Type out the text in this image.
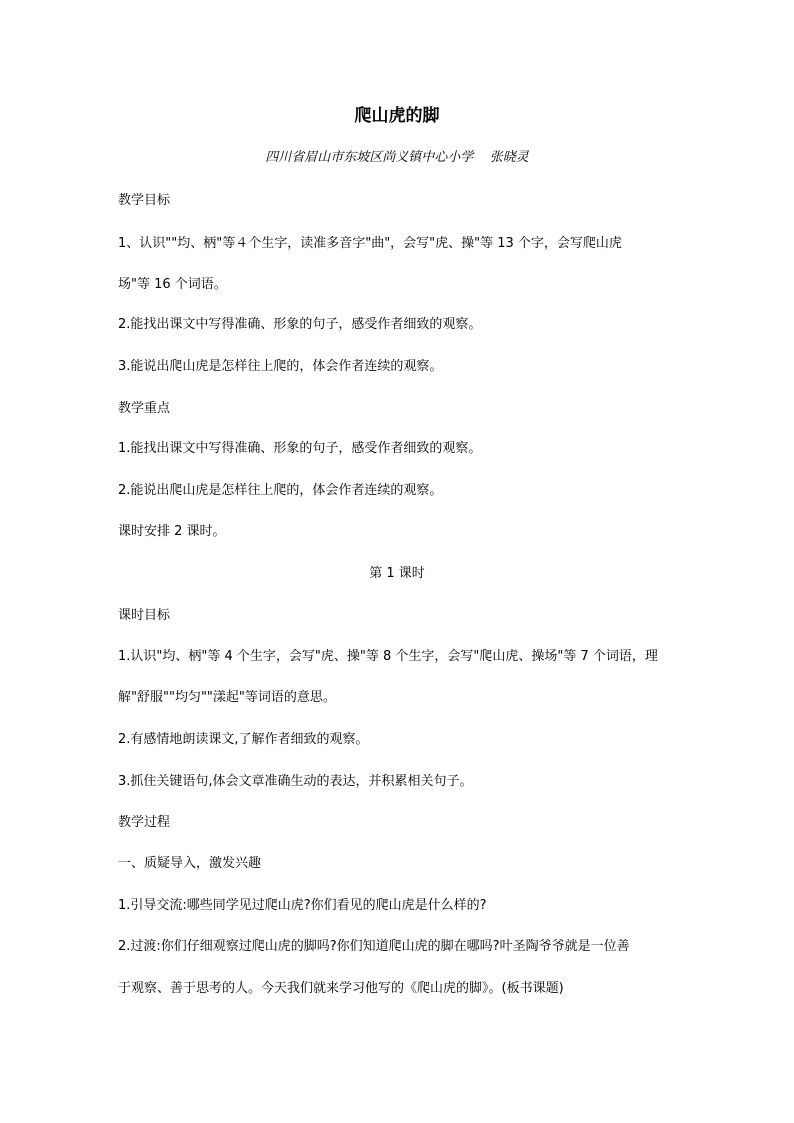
爬山虎的脚
四川省眉山市东坡区尚义镇中心小学    张晓灵
教学目标
1、认识""均、柄"等４个生字，读准多音字"曲"，会写"虎、操"等 13 个字，会写爬山虎
场"等 16 个词语。
2.能找出课文中写得准确、形象的句子，感受作者细致的观察。
3.能说出爬山虎是怎样往上爬的，体会作者连续的观察。
教学重点
1.能找出课文中写得准确、形象的句子，感受作者细致的观察。
2.能说出爬山虎是怎样往上爬的，体会作者连续的观察。
课时安排 2 课时。
第 1 课时
课时目标
1.认识"均、柄"等 4 个生字，会写"虎、操"等 8 个生字，会写"爬山虎、操场"等 7 个词语，理
解"舒服""均匀""漾起"等词语的意思。
2.有感情地朗读课文,了解作者细致的观察。
3.抓住关键语句,体会文章准确生动的表达，并积累相关句子。
教学过程
一、质疑导入，激发兴趣
1.引导交流:哪些同学见过爬山虎?你们看见的爬山虎是什么样的?
2.过渡:你们仔细观察过爬山虎的脚吗?你们知道爬山虎的脚在哪吗?叶圣陶爷爷就是一位善
于观察、善于思考的人。今天我们就来学习他写的《爬山虎的脚》。(板书课题)
